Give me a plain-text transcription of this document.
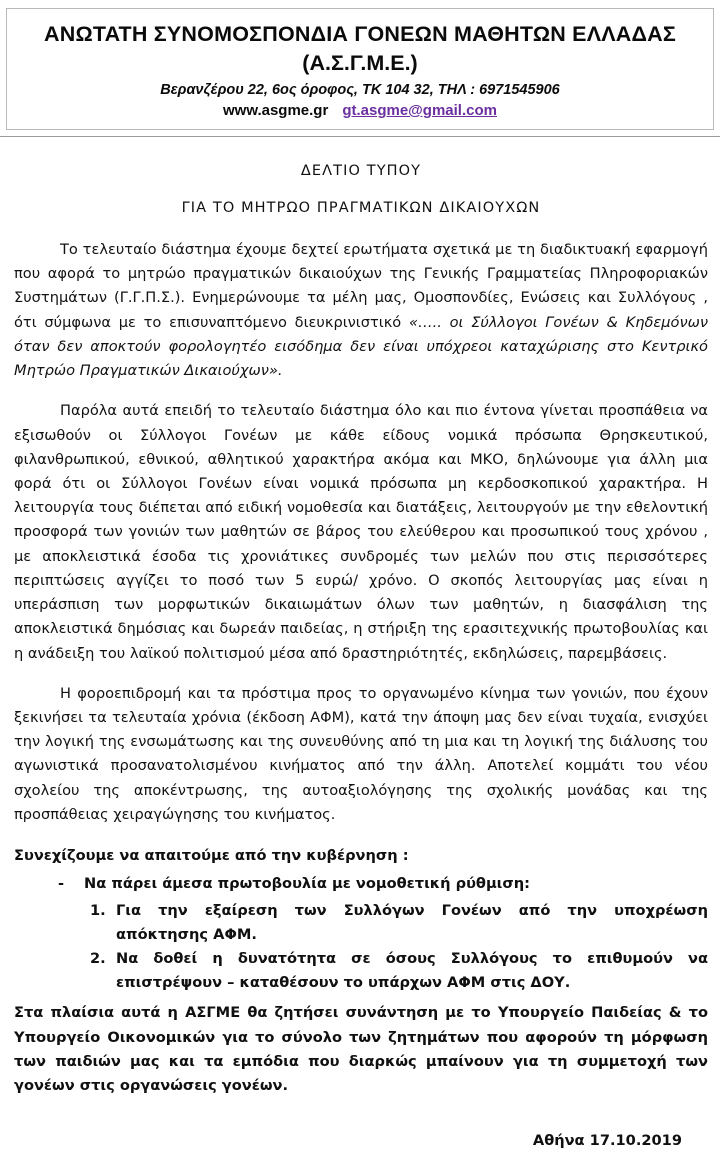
ΑΝΩΤΑΤΗ ΣΥΝΟΜΟΣΠΟΝΔΙΑ ΓΟΝΕΩΝ ΜΑΘΗΤΩΝ ΕΛΛΑΔΑΣ
(Α.Σ.Γ.Μ.Ε.)
Βερανζέρου 22, 6ος όροφος, ΤΚ 104 32, ΤΗΛ : 6971545906
www.asgme.gr gt.asgme@gmail.com
ΔΕΛΤΙΟ ΤΥΠΟΥ
ΓΙΑ ΤΟ ΜΗΤΡΩΟ ΠΡΑΓΜΑΤΙΚΩΝ ΔΙΚΑΙΟΥΧΩΝ

Το τελευταίο διάστημα έχουμε δεχτεί ερωτήματα σχετικά με τη διαδικτυακή εφαρμογή που αφορά το μητρώο πραγματικών δικαιούχων της Γενικής Γραμματείας Πληροφοριακών Συστημάτων (Γ.Γ.Π.Σ.). Ενημερώνουμε τα μέλη μας, Ομοσπονδίες, Ενώσεις και Συλλόγους , ότι σύμφωνα με το επισυναπτόμενο διευκρινιστικό «….. οι Σύλλογοι Γονέων & Κηδεμόνων όταν δεν αποκτούν φορολογητέο εισόδημα δεν είναι υπόχρεοι καταχώρισης στο Κεντρικό Μητρώο Πραγματικών Δικαιούχων».

Παρόλα αυτά επειδή το τελευταίο διάστημα όλο και πιο έντονα γίνεται προσπάθεια να εξισωθούν οι Σύλλογοι Γονέων με κάθε είδους νομικά πρόσωπα Θρησκευτικού, φιλανθρωπικού, εθνικού, αθλητικού χαρακτήρα ακόμα και ΜΚΟ, δηλώνουμε για άλλη μια φορά ότι οι Σύλλογοι Γονέων είναι νομικά πρόσωπα μη κερδοσκοπικού χαρακτήρα. Η λειτουργία τους διέπεται από ειδική νομοθεσία και διατάξεις, λειτουργούν με την εθελοντική προσφορά των γονιών των μαθητών σε βάρος του ελεύθερου και προσωπικού τους χρόνου , με αποκλειστικά έσοδα τις χρονιάτικες συνδρομές των μελών που στις περισσότερες περιπτώσεις αγγίζει το ποσό των 5 ευρώ/ χρόνο. Ο σκοπός λειτουργίας μας είναι η υπεράσπιση των μορφωτικών δικαιωμάτων όλων των μαθητών, η διασφάλιση της αποκλειστικά δημόσιας και δωρεάν παιδείας, η στήριξη της ερασιτεχνικής πρωτοβουλίας και η ανάδειξη του λαϊκού πολιτισμού μέσα από δραστηριότητές, εκδηλώσεις, παρεμβάσεις.

Η φοροεπιδρομή και τα πρόστιμα προς το οργανωμένο κίνημα των γονιών, που έχουν ξεκινήσει τα τελευταία χρόνια (έκδοση ΑΦΜ), κατά την άποψη μας δεν είναι τυχαία, ενισχύει την λογική της ενσωμάτωσης και της συνευθύνης από τη μια και τη λογική της διάλυσης του αγωνιστικά προσανατολισμένου κινήματος από την άλλη. Αποτελεί κομμάτι του νέου σχολείου της αποκέντρωσης, της αυτοαξιολόγησης της σχολικής μονάδας και της προσπάθειας χειραγώγησης του κινήματος.

Συνεχίζουμε να απαιτούμε από την κυβέρνηση :

- Να πάρει άμεσα πρωτοβουλία με νομοθετική ρύθμιση:
Για την εξαίρεση των Συλλόγων Γονέων από την υποχρέωση απόκτησης ΑΦΜ.
Να δοθεί η δυνατότητα σε όσους Συλλόγους το επιθυμούν να επιστρέψουν – καταθέσουν το υπάρχων ΑΦΜ στις ΔΟΥ.

Στα πλαίσια αυτά η ΑΣΓΜΕ θα ζητήσει συνάντηση με το Υπουργείο Παιδείας & το Υπουργείο Οικονομικών για το σύνολο των ζητημάτων που αφορούν τη μόρφωση των παιδιών μας και τα εμπόδια που διαρκώς μπαίνουν για τη συμμετοχή των γονέων στις οργανώσεις γονέων.

Αθήνα 17.10.2019
